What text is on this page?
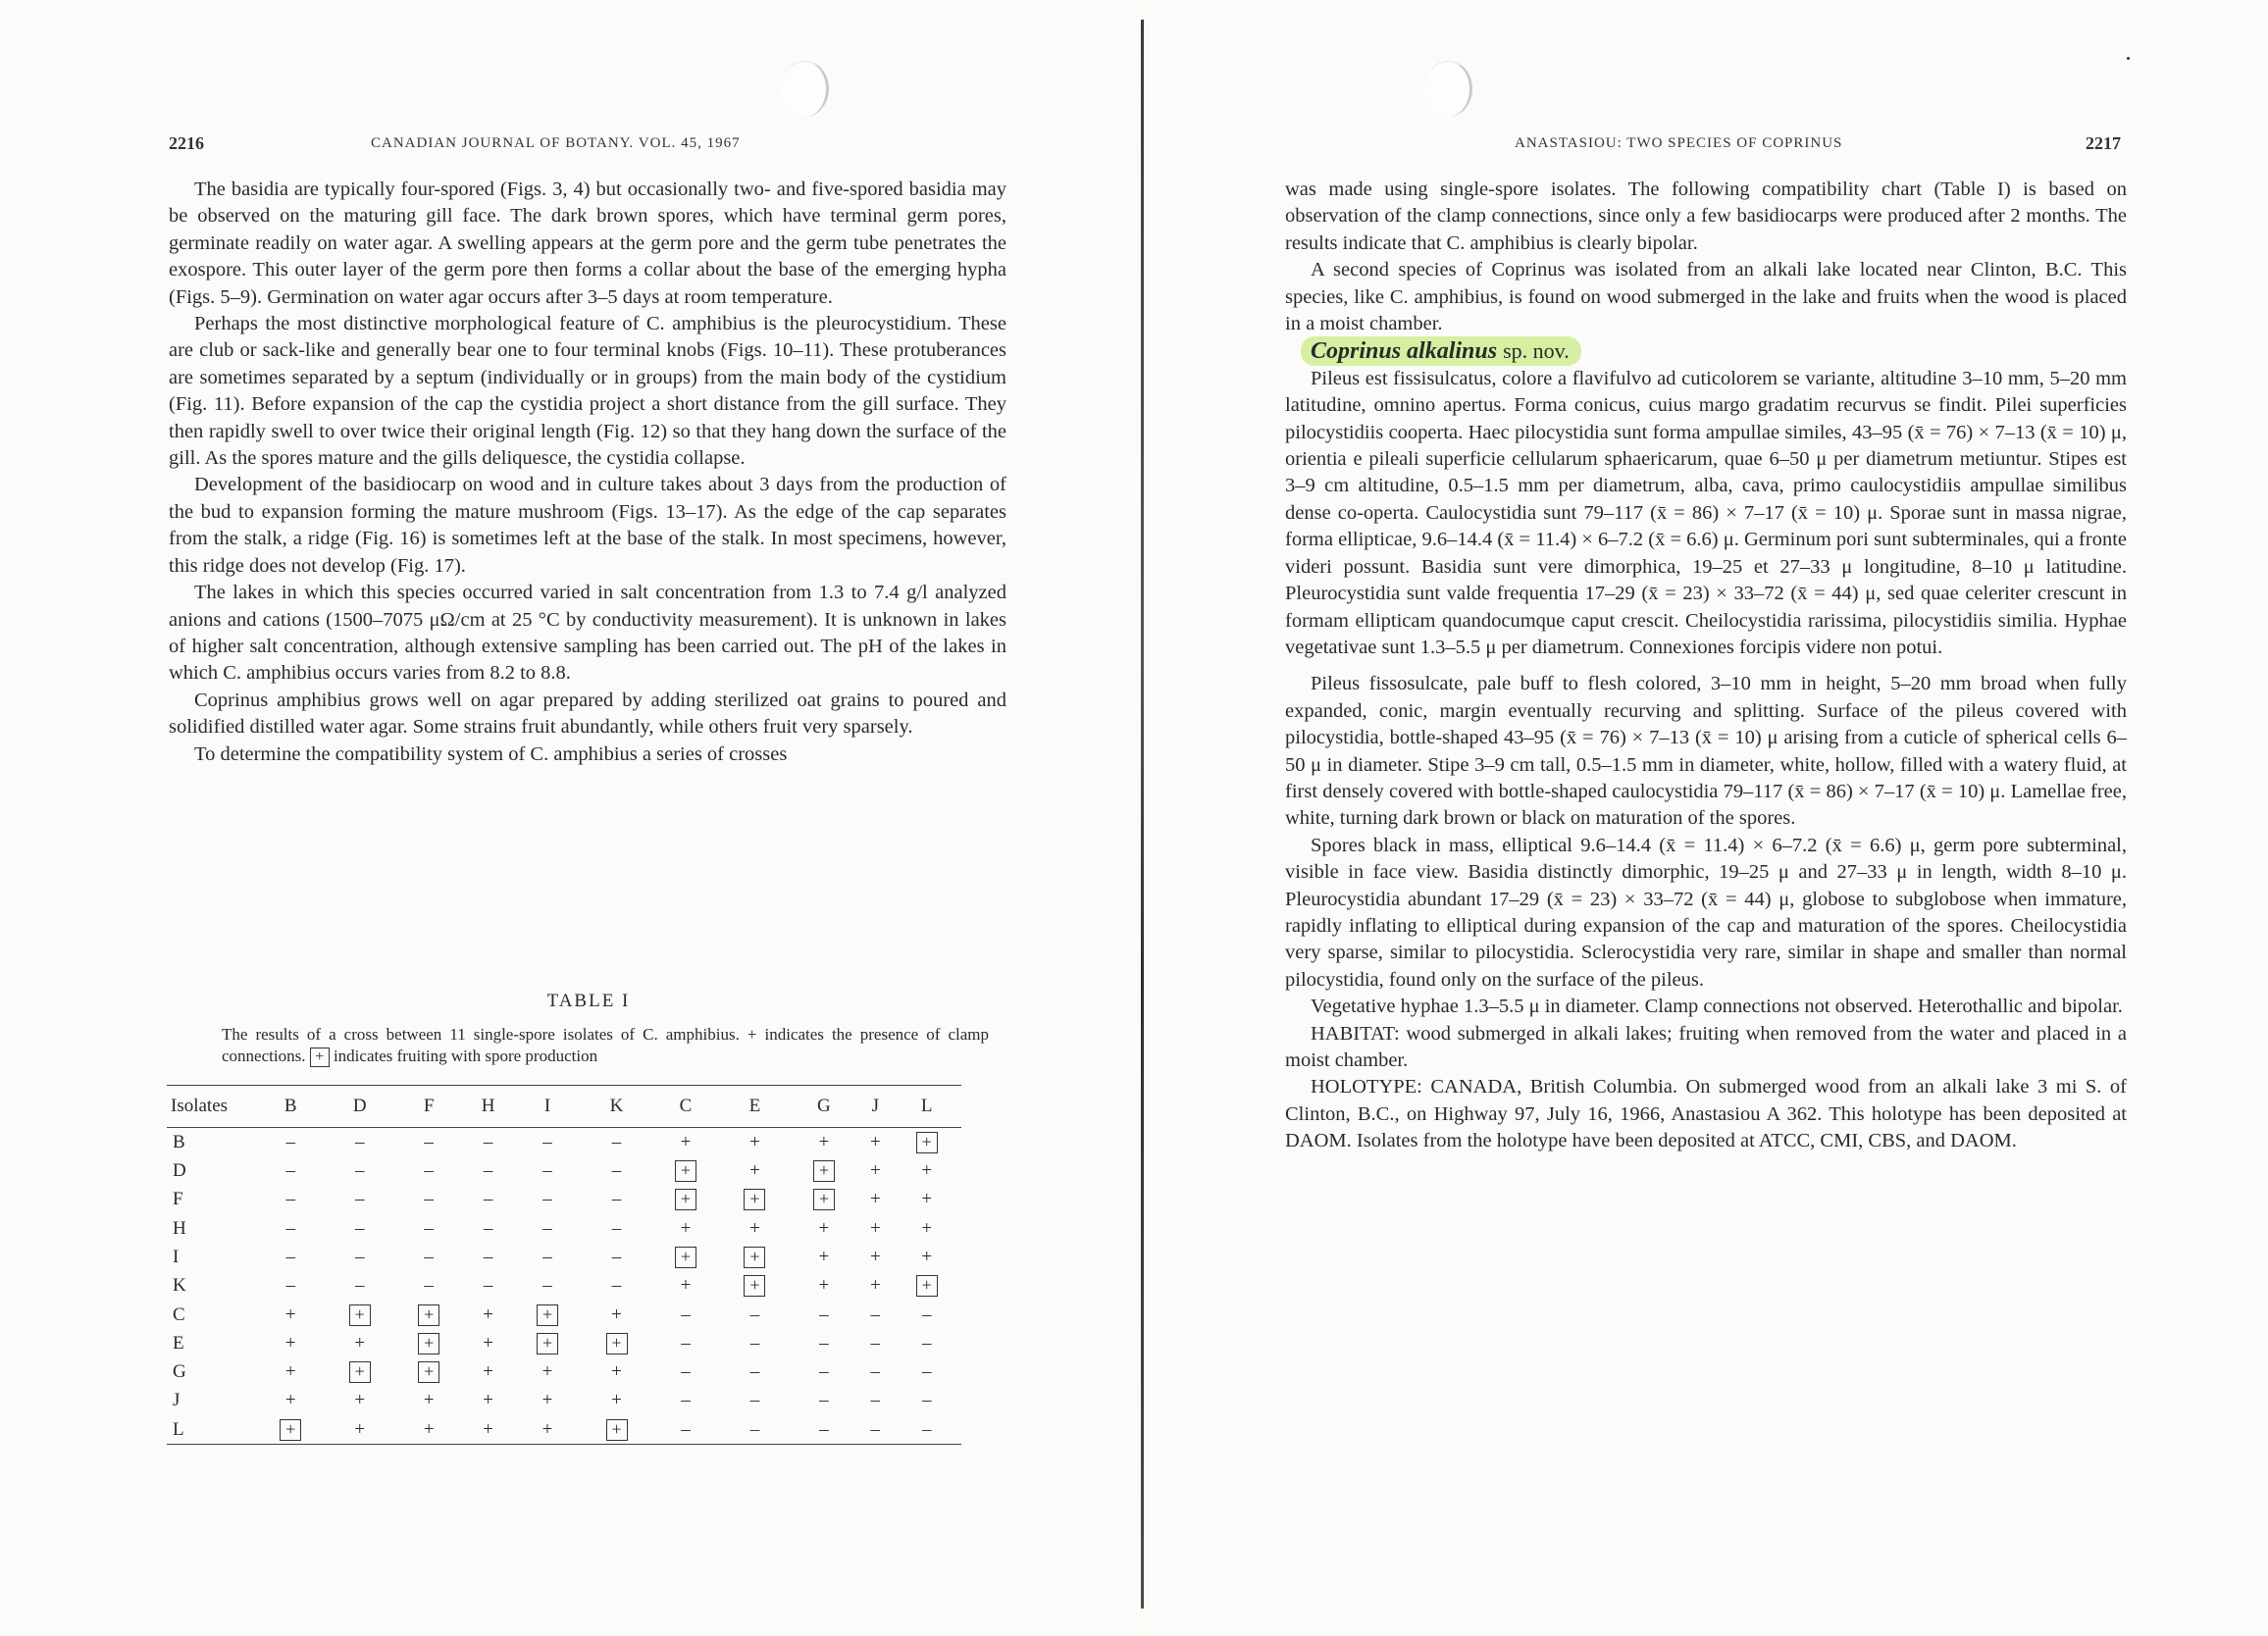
2216	CANADIAN JOURNAL OF BOTANY. VOL. 45, 1967

The basidia are typically four-spored (Figs. 3, 4) but occasionally two- and five-spored basidia may be observed on the maturing gill face. The dark brown spores, which have terminal germ pores, germinate readily on water agar. A swelling appears at the germ pore and the germ tube penetrates the exospore. This outer layer of the germ pore then forms a collar about the base of the emerging hypha (Figs. 5–9). Germination on water agar occurs after 3–5 days at room temperature.

Perhaps the most distinctive morphological feature of C. amphibius is the pleurocystidium. These are club or sack-like and generally bear one to four terminal knobs (Figs. 10–11). These protuberances are sometimes separated by a septum (individually or in groups) from the main body of the cystidium (Fig. 11). Before expansion of the cap the cystidia project a short distance from the gill surface. They then rapidly swell to over twice their original length (Fig. 12) so that they hang down the surface of the gill. As the spores mature and the gills deliquesce, the cystidia collapse.

Development of the basidiocarp on wood and in culture takes about 3 days from the production of the bud to expansion forming the mature mushroom (Figs. 13–17). As the edge of the cap separates from the stalk, a ridge (Fig. 16) is sometimes left at the base of the stalk. In most specimens, however, this ridge does not develop (Fig. 17).

The lakes in which this species occurred varied in salt concentration from 1.3 to 7.4 g/l analyzed anions and cations (1500–7075 μΩ/cm at 25 °C by conductivity measurement). It is unknown in lakes of higher salt concentration, although extensive sampling has been carried out. The pH of the lakes in which C. amphibius occurs varies from 8.2 to 8.8.

Coprinus amphibius grows well on agar prepared by adding sterilized oat grains to poured and solidified distilled water agar. Some strains fruit abundantly, while others fruit very sparsely.

To determine the compatibility system of C. amphibius a series of crosses

TABLE I
The results of a cross between 11 single-spore isolates of C. amphibius. + indicates the presence of clamp connections. + indicates fruiting with spore production
Isolates	B	D	F	H	I	K	C	E	G	J	L
B	–	–	–	–	–	–	+	+	+	+	+
D	–	–	–	–	–	–	+	+	+	+	+
F	–	–	–	–	–	–	+	+	+	+	+
H	–	–	–	–	–	–	+	+	+	+	+
I	–	–	–	–	–	–	+	+	+	+	+
K	–	–	–	–	–	–	+	+	+	+	+
C	+	+	+	+	+	+	–	–	–	–	–
E	+	+	+	+	+	+	–	–	–	–	–
G	+	+	+	+	+	+	–	–	–	–	–
J	+	+	+	+	+	+	–	–	–	–	–
L	+	+	+	+	+	+	–	–	–	–	–
ANASTASIOU: TWO SPECIES OF COPRINUS	2217

was made using single-spore isolates. The following compatibility chart (Table I) is based on observation of the clamp connections, since only a few basidiocarps were produced after 2 months. The results indicate that C. amphibius is clearly bipolar.

A second species of Coprinus was isolated from an alkali lake located near Clinton, B.C. This species, like C. amphibius, is found on wood submerged in the lake and fruits when the wood is placed in a moist chamber.

Coprinus alkalinus sp. nov.

Pileus est fissisulcatus, colore a flavifulvo ad cuticolorem se variante, altitudine 3–10 mm, 5–20 mm latitudine, omnino apertus. Forma conicus, cuius margo gradatim recurvus se findit. Pilei superficies pilocystidiis cooperta. Haec pilocystidia sunt forma ampullae similes, 43–95 (x̄ = 76) × 7–13 (x̄ = 10) μ, orientia e pileali superficie cellularum sphaericarum, quae 6–50 μ per diametrum metiuntur. Stipes est 3–9 cm altitudine, 0.5–1.5 mm per diametrum, alba, cava, primo caulocystidiis ampullae similibus dense co-operta. Caulocystidia sunt 79–117 (x̄ = 86) × 7–17 (x̄ = 10) μ. Sporae sunt in massa nigrae, forma ellipticae, 9.6–14.4 (x̄ = 11.4) × 6–7.2 (x̄ = 6.6) μ. Germinum pori sunt subterminales, qui a fronte videri possunt. Basidia sunt vere dimorphica, 19–25 et 27–33 μ longitudine, 8–10 μ latitudine. Pleurocystidia sunt valde frequentia 17–29 (x̄ = 23) × 33–72 (x̄ = 44) μ, sed quae celeriter crescunt in formam ellipticam quandocumque caput crescit. Cheilocystidia rarissima, pilocystidiis similia. Hyphae vegetativae sunt 1.3–5.5 μ per diametrum. Connexiones forcipis videre non potui.

Pileus fissosulcate, pale buff to flesh colored, 3–10 mm in height, 5–20 mm broad when fully expanded, conic, margin eventually recurving and splitting. Surface of the pileus covered with pilocystidia, bottle-shaped 43–95 (x̄ = 76) × 7–13 (x̄ = 10) μ arising from a cuticle of spherical cells 6–50 μ in diameter. Stipe 3–9 cm tall, 0.5–1.5 mm in diameter, white, hollow, filled with a watery fluid, at first densely covered with bottle-shaped caulocystidia 79–117 (x̄ = 86) × 7–17 (x̄ = 10) μ. Lamellae free, white, turning dark brown or black on maturation of the spores.

Spores black in mass, elliptical 9.6–14.4 (x̄ = 11.4) × 6–7.2 (x̄ = 6.6) μ, germ pore subterminal, visible in face view. Basidia distinctly dimorphic, 19–25 μ and 27–33 μ in length, width 8–10 μ. Pleurocystidia abundant 17–29 (x̄ = 23) × 33–72 (x̄ = 44) μ, globose to subglobose when immature, rapidly inflating to elliptical during expansion of the cap and maturation of the spores. Cheilocystidia very sparse, similar to pilocystidia. Sclerocystidia very rare, similar in shape and smaller than normal pilocystidia, found only on the surface of the pileus.

Vegetative hyphae 1.3–5.5 μ in diameter. Clamp connections not observed. Heterothallic and bipolar.

HABITAT: wood submerged in alkali lakes; fruiting when removed from the water and placed in a moist chamber.

HOLOTYPE: CANADA, British Columbia. On submerged wood from an alkali lake 3 mi S. of Clinton, B.C., on Highway 97, July 16, 1966, Anastasiou A 362. This holotype has been deposited at DAOM. Isolates from the holotype have been deposited at ATCC, CMI, CBS, and DAOM.
